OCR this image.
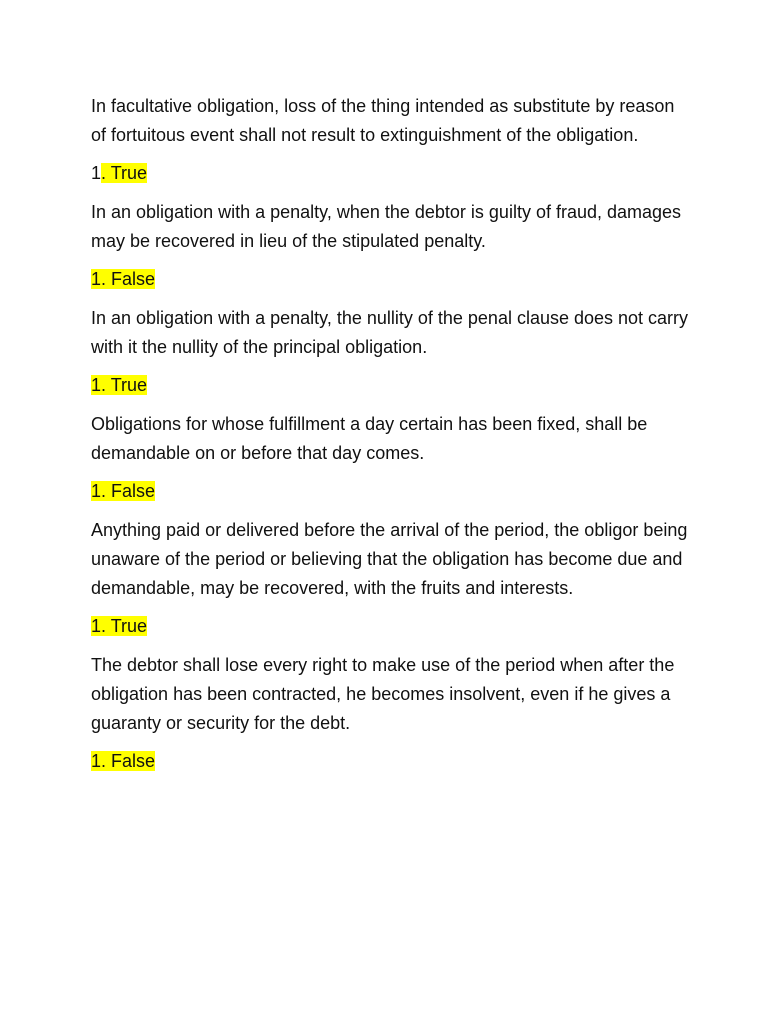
In facultative obligation, loss of the thing intended as substitute by reason of fortuitous event shall not result to extinguishment of the obligation.

1. True

In an obligation with a penalty, when the debtor is guilty of fraud, damages may be recovered in lieu of the stipulated penalty.

1. False

In an obligation with a penalty, the nullity of the penal clause does not carry with it the nullity of the principal obligation.

1. True

Obligations for whose fulfillment a day certain has been fixed, shall be demandable on or before that day comes.

1. False

Anything paid or delivered before the arrival of the period, the obligor being unaware of the period or believing that the obligation has become due and demandable, may be recovered, with the fruits and interests.

1. True

The debtor shall lose every right to make use of the period when after the obligation has been contracted, he becomes insolvent, even if he gives a guaranty or security for the debt.

1. False
